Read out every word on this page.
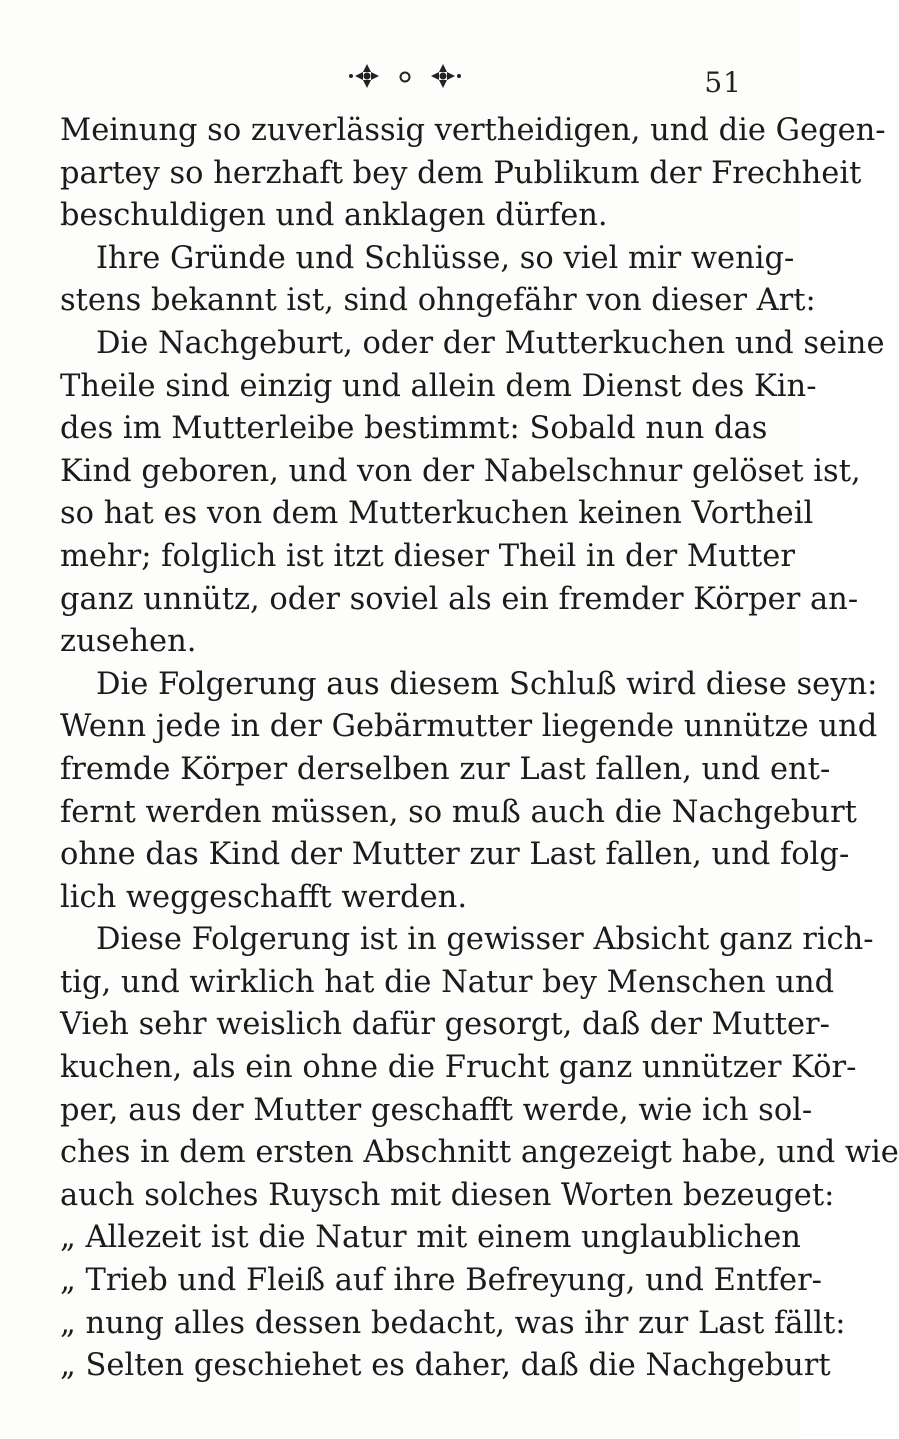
51
Meinung so zuverlässig vertheidigen, und die Gegen-
partey so herzhaft bey dem Publikum der Frechheit
beschuldigen und anklagen dürfen.
Ihre Gründe und Schlüsse, so viel mir wenig-
stens bekannt ist, sind ohngefähr von dieser Art:
Die Nachgeburt, oder der Mutterkuchen und seine
Theile sind einzig und allein dem Dienst des Kin-
des im Mutterleibe bestimmt: Sobald nun das
Kind geboren, und von der Nabelschnur gelöset ist,
so hat es von dem Mutterkuchen keinen Vortheil
mehr; folglich ist itzt dieser Theil in der Mutter
ganz unnütz, oder soviel als ein fremder Körper an-
zusehen.
Die Folgerung aus diesem Schluß wird diese seyn:
Wenn jede in der Gebärmutter liegende unnütze und
fremde Körper derselben zur Last fallen, und ent-
fernt werden müssen, so muß auch die Nachgeburt
ohne das Kind der Mutter zur Last fallen, und folg-
lich weggeschafft werden.
Diese Folgerung ist in gewisser Absicht ganz rich-
tig, und wirklich hat die Natur bey Menschen und
Vieh sehr weislich dafür gesorgt, daß der Mutter-
kuchen, als ein ohne die Frucht ganz unnützer Kör-
per, aus der Mutter geschafft werde, wie ich sol-
ches in dem ersten Abschnitt angezeigt habe, und wie
auch solches Ruysch mit diesen Worten bezeuget:
„ Allezeit ist die Natur mit einem unglaublichen
„ Trieb und Fleiß auf ihre Befreyung, und Entfer-
„ nung alles dessen bedacht, was ihr zur Last fällt:
„ Selten geschiehet es daher, daß die Nachgeburt
